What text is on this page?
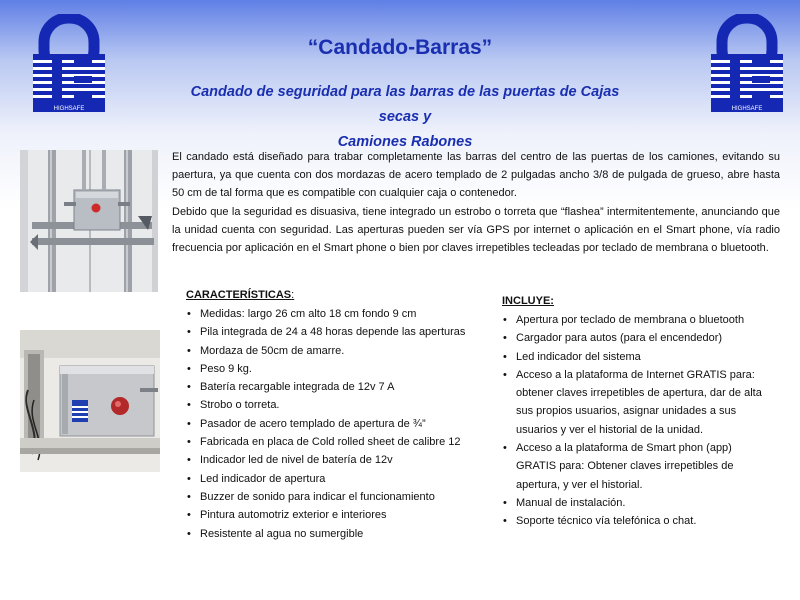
HIGHSAFE	HIGHSAFE
“Candado-Barras”
Candado de seguridad para las barras de las puertas de Cajas secas y
Camiones Rabones

El candado está diseñado para trabar completamente las barras del centro de las puertas de los camiones, evitando su paertura, ya que cuenta con dos mordazas de acero templado de 2 pulgadas ancho 3/8 de pulgada de grueso, abre hasta 50 cm de tal forma que es compatible con cualquier caja o contenedor.

Debido que la seguridad es disuasiva, tiene integrado un estrobo o torreta que “flashea” intermitentemente, anunciando que la unidad cuenta con seguridad. Las aperturas pueden ser vía GPS por internet o aplicación en el Smart phone, vía radio frecuencia por aplicación en el Smart phone o bien por claves irrepetibles tecleadas por teclado de membrana o bluetooth.

CARACTERÍSTICAS:
• Medidas: largo 26 cm alto 18 cm fondo 9 cm
• Pila integrada de 24 a 48 horas depende las aperturas
• Mordaza de 50cm de amarre.
• Peso 9 kg.
• Batería recargable integrada de 12v 7 A
• Strobo o torreta.
• Pasador de acero templado de apertura de ¾”
• Fabricada en placa de Cold rolled sheet de calibre 12
• Indicador led de nivel de batería de 12v
• Led indicador de apertura
• Buzzer de sonido para indicar el funcionamiento
• Pintura automotriz exterior e interiores
• Resistente al agua no sumergible
INCLUYE:
• Apertura por teclado de membrana o bluetooth
• Cargador para autos (para el encendedor)
• Led indicador del sistema
• Acceso a la plataforma de Internet GRATIS para: obtener claves irrepetibles de apertura, dar de alta sus propios usuarios, asignar unidades a sus usuarios y ver el historial de la unidad.
• Acceso a la plataforma de Smart phon (app) GRATIS para: Obtener claves irrepetibles de apertura, y ver el historial.
• Manual de instalación.
• Soporte técnico vía telefónica o chat.
